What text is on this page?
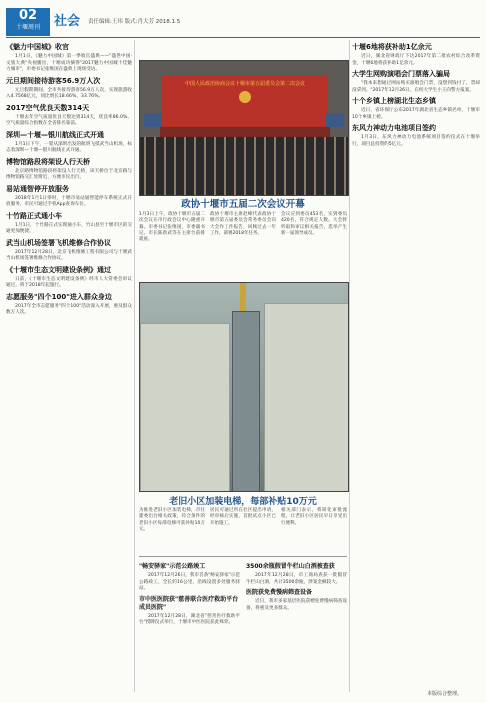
02
十堰周刊	社会 责任编辑:王玮 版式:肖大芳 2018.1.5
《魅力中国城》收官

1月1日，《魅力中国城》第一季收官盛典——"盛世中国·文旅大典"央视播出，十堰成功摘得"2017魅力中国城十佳魅力城市"，市委书记张维国在盛典上现场受访。

元旦期间接待游客56.9万人次

元旦假期期间，全市共接待游客56.9万人次，实现旅游收入4.7568亿元，同比增长18.66%、33.76%。

2017空气优良天数314天

十堰去年空气质量优良天数达到314天，优良率86.0%，空气质量综合指数在全省排名靠前。

深圳—十堰—银川航线正式开通

1月1日下午，一架从深圳出发的航班飞抵武当山机场，标志着深圳—十堰—银川航线正式开通。

博物馆路段将架设人行天桥

北京路博物馆路段将架设人行天桥，该天桥位于北京路与博物馆路交汇处附近，方便市民出行。

易站通智停开放服务

2018年1月1日零时，十堰市易站通智能停车系统正式开放服务，市民可通过手机App查询车位。

十竹路正式通小车

1月1日，十竹路正式实现通小车，竹山县至十堰市区的交通更加便捷。

武当山机场签署飞机维修合作协议

2017年12月28日，北京飞机维修工程有限公司与十堰武当山机场签署维修合作协议。

《十堰市生态文明建设条例》通过

日前，《十堰市生态文明建设条例》经市人大常委会审议通过，将于2018年起施行。

志愿服务"四个100"进入群众身边

2017年全市志愿服务"四个100"活动深入开展，惠及群众数万人次。

中国人民政治协商会议十堰市第五届委员会第二次会议
政协十堰市五届二次会议开幕
1月3日上午，政协十堰市五届二次会议在市行政会议中心隆重开幕。市委书记张维国，市委副书记、市长陈新武等在主席台前排就座。
政协十堰市主席赵峰代表政协十堰市第五届委员会常务委员会向大会作工作报告，回顾过去一年工作，部署2018年任务。
会议应到委员453名，实到委员420名，符合规定人数。大会将听取和审议相关报告，选举产生新一届领导成员。
老旧小区加装电梯，每部补贴10万元
为推进老旧小区加装电梯，市住建委出台相关政策，符合条件的老旧小区每部电梯可获补贴10万元。
居民可通过所在社区提出申请，经审核后实施，首批试点小区已开始施工。
相关部门表示，将简化审批流程，让老旧小区居民早日享受出行便利。
"畅安驿家"示范公路竣工

2017年12月26日，我市首条"畅安驿家"示范公路竣工，全长约16公里，沿线设置多处服务驿站。

市中医医院获"慈善联合医疗救助平台成员医院"

2017年12月28日，湖北省"慈善医疗救助平台"授牌仪式举行，十堰市中医医院获此殊荣。

3500余瓶假冒牛栏山白酒被查获

2017年12月28日，市工商局查获一批假冒牛栏山白酒，共计3500余瓶，涉案金额较大。

医院获免费慢病筛查设备

近日，我市多家基层医院获赠免费慢病筛查设备，将惠及更多群众。

十堰6地将获补助1亿余元

近日，湖北省财政厅下达2017年第二批农村综合改革资金，十堰6地将获补助1亿余元。

大学生网购演唱会门票落入骗局

"我本来想通过网站购买演唱会门票，没想到钱付了，票却没拿到。"2017年12月26日，在校大学生小王向警方报案。

十个乡镇上榜湖北生态乡镇

近日，省环保厅公布2017年湖北省生态乡镇名单，十堰市10个乡镇上榜。

东风力神动力电池项目签约

1月3日，东风力神动力电池系统项目签约仪式在十堰举行，项目总投资约5亿元。

本版综合整理。
